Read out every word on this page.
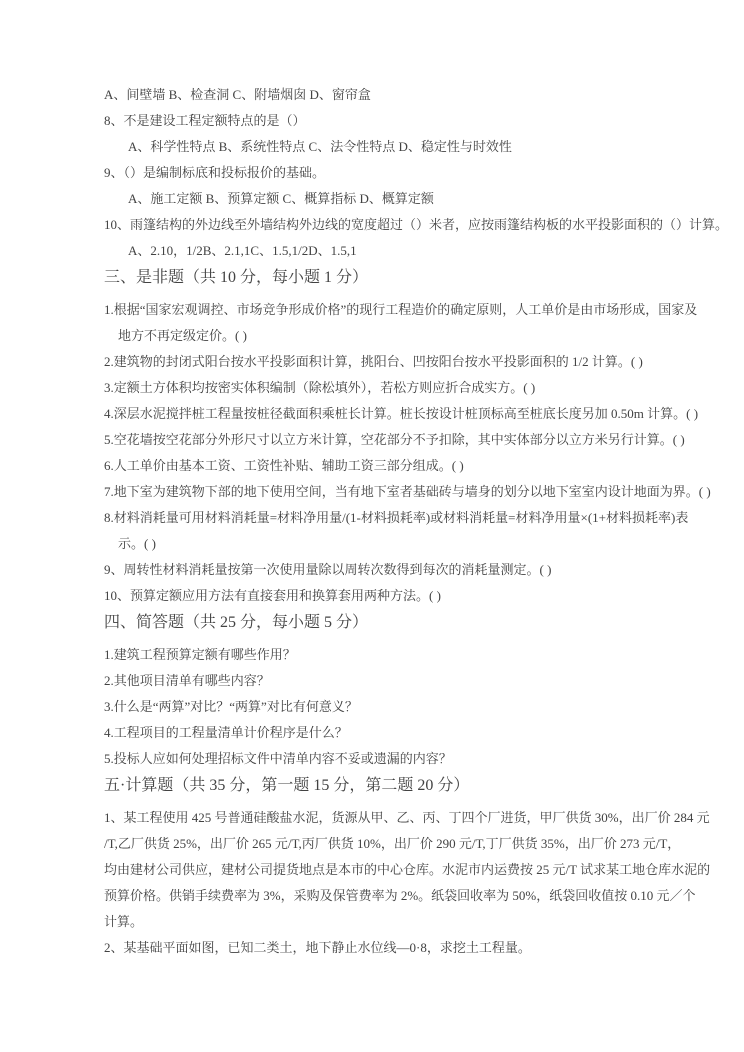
A、间壁墙 B、检查洞 C、附墙烟囱 D、窗帘盒
8、不是建设工程定额特点的是（）
A、科学性特点 B、系统性特点 C、法令性特点 D、稳定性与时效性
9、（）是编制标底和投标报价的基础。
A、施工定额 B、预算定额 C、概算指标 D、概算定额
10、雨篷结构的外边线至外墙结构外边线的宽度超过（）米者，应按雨篷结构板的水平投影面积的（）计算。
A、2.10，1/2B、2.1,1C、1.5,1/2D、1.5,1
三、是非题（共 10 分，每小题 1 分）
1.根据“国家宏观调控、市场竞争形成价格”的现行工程造价的确定原则，人工单价是由市场形成，国家及
地方不再定级定价。( )
2.建筑物的封闭式阳台按水平投影面积计算，挑阳台、凹按阳台按水平投影面积的 1/2 计算。( )
3.定额土方体积均按密实体积编制（除松填外），若松方则应折合成实方。( )
4.深层水泥搅拌桩工程量按桩径截面积乘桩长计算。桩长按设计桩顶标高至桩底长度另加 0.50m 计算。( )
5.空花墙按空花部分外形尺寸以立方米计算，空花部分不予扣除，其中实体部分以立方米另行计算。( )
6.人工单价由基本工资、工资性补贴、辅助工资三部分组成。( )
7.地下室为建筑物下部的地下使用空间，当有地下室者基础砖与墙身的划分以地下室室内设计地面为界。( )
8.材料消耗量可用材料消耗量=材料净用量/(1-材料损耗率)或材料消耗量=材料净用量×(1+材料损耗率)表
示。( )
9、周转性材料消耗量按第一次使用量除以周转次数得到每次的消耗量测定。( )
10、预算定额应用方法有直接套用和换算套用两种方法。( )
四、简答题（共 25 分，每小题 5 分）
1.建筑工程预算定额有哪些作用？
2.其他项目清单有哪些内容？
3.什么是“两算”对比？“两算”对比有何意义？
4.工程项目的工程量清单计价程序是什么？
5.投标人应如何处理招标文件中清单内容不妥或遗漏的内容？
五·计算题（共 35 分，第一题 15 分，第二题 20 分）
1、某工程使用 425 号普通硅酸盐水泥，货源从甲、乙、丙、丁四个厂进货，甲厂供货 30%，出厂价 284 元
/T,乙厂供货 25%，出厂价 265 元/T,丙厂供货 10%，出厂价 290 元/T,丁厂供货 35%，出厂价 273 元/T，
均由建材公司供应，建材公司提货地点是本市的中心仓库。水泥市内运费按 25 元/T 试求某工地仓库水泥的
预算价格。供销手续费率为 3%，采购及保管费率为 2%。纸袋回收率为 50%，纸袋回收值按 0.10 元／个
计算。
2、某基础平面如图，已知二类土，地下静止水位线—0·8，求挖土工程量。
